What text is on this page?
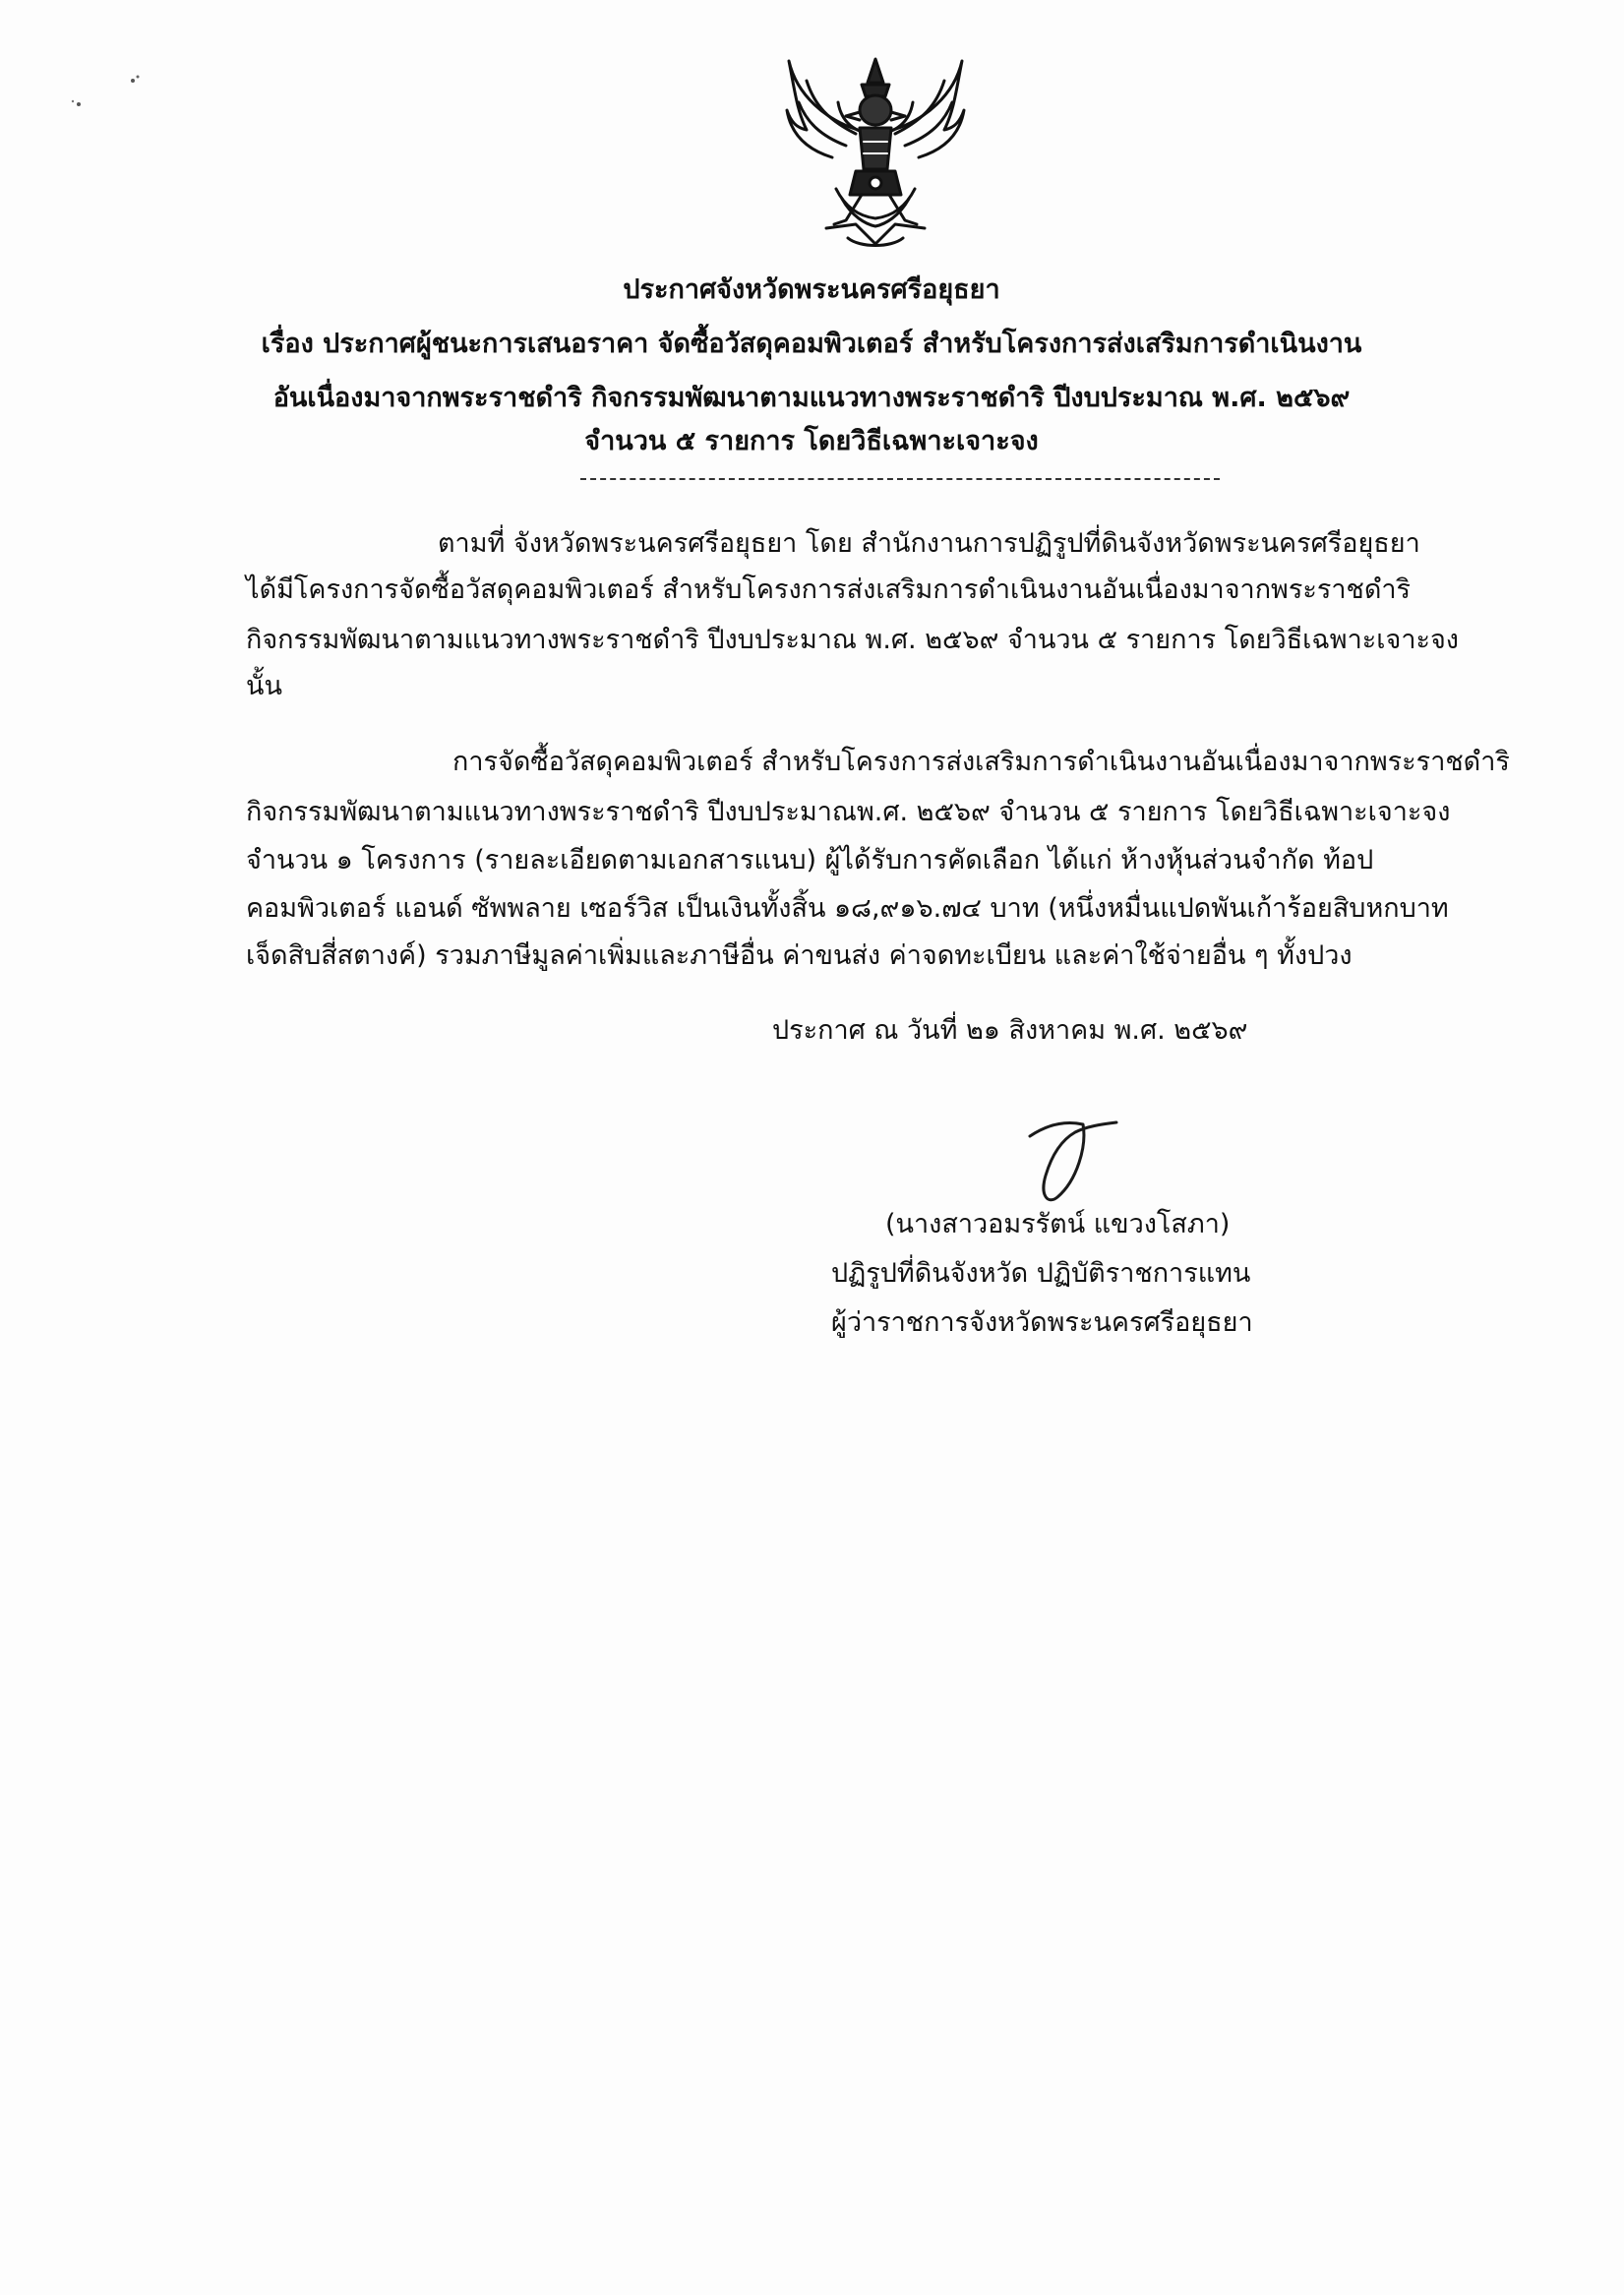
ประกาศจังหวัดพระนครศรีอยุธยา
เรื่อง ประกาศผู้ชนะการเสนอราคา จัดซื้อวัสดุคอมพิวเตอร์ สำหรับโครงการส่งเสริมการดำเนินงาน
อันเนื่องมาจากพระราชดำริ กิจกรรมพัฒนาตามแนวทางพระราชดำริ ปีงบประมาณ พ.ศ. ๒๕๖๙
จำนวน ๕ รายการ โดยวิธีเฉพาะเจาะจง
ตามที่ จังหวัดพระนครศรีอยุธยา โดย สำนักงานการปฏิรูปที่ดินจังหวัดพระนครศรีอยุธยา
ได้มีโครงการจัดซื้อวัสดุคอมพิวเตอร์ สำหรับโครงการส่งเสริมการดำเนินงานอันเนื่องมาจากพระราชดำริ
กิจกรรมพัฒนาตามแนวทางพระราชดำริ ปีงบประมาณ พ.ศ. ๒๕๖๙ จำนวน ๕ รายการ โดยวิธีเฉพาะเจาะจง
นั้น
การจัดซื้อวัสดุคอมพิวเตอร์ สำหรับโครงการส่งเสริมการดำเนินงานอันเนื่องมาจากพระราชดำริ
กิจกรรมพัฒนาตามแนวทางพระราชดำริ ปีงบประมาณพ.ศ. ๒๕๖๙ จำนวน ๕ รายการ โดยวิธีเฉพาะเจาะจง
จำนวน ๑ โครงการ (รายละเอียดตามเอกสารแนบ) ผู้ได้รับการคัดเลือก ได้แก่ ห้างหุ้นส่วนจำกัด ท้อป
คอมพิวเตอร์ แอนด์ ซัพพลาย เซอร์วิส เป็นเงินทั้งสิ้น ๑๘,๙๑๖.๗๔ บาท (หนึ่งหมื่นแปดพันเก้าร้อยสิบหกบาท
เจ็ดสิบสี่สตางค์) รวมภาษีมูลค่าเพิ่มและภาษีอื่น ค่าขนส่ง ค่าจดทะเบียน และค่าใช้จ่ายอื่น ๆ ทั้งปวง
ประกาศ ณ วันที่ ๒๑ สิงหาคม พ.ศ. ๒๕๖๙
(นางสาวอมรรัตน์ แขวงโสภา)
ปฏิรูปที่ดินจังหวัด ปฏิบัติราชการแทน
ผู้ว่าราชการจังหวัดพระนครศรีอยุธยา
